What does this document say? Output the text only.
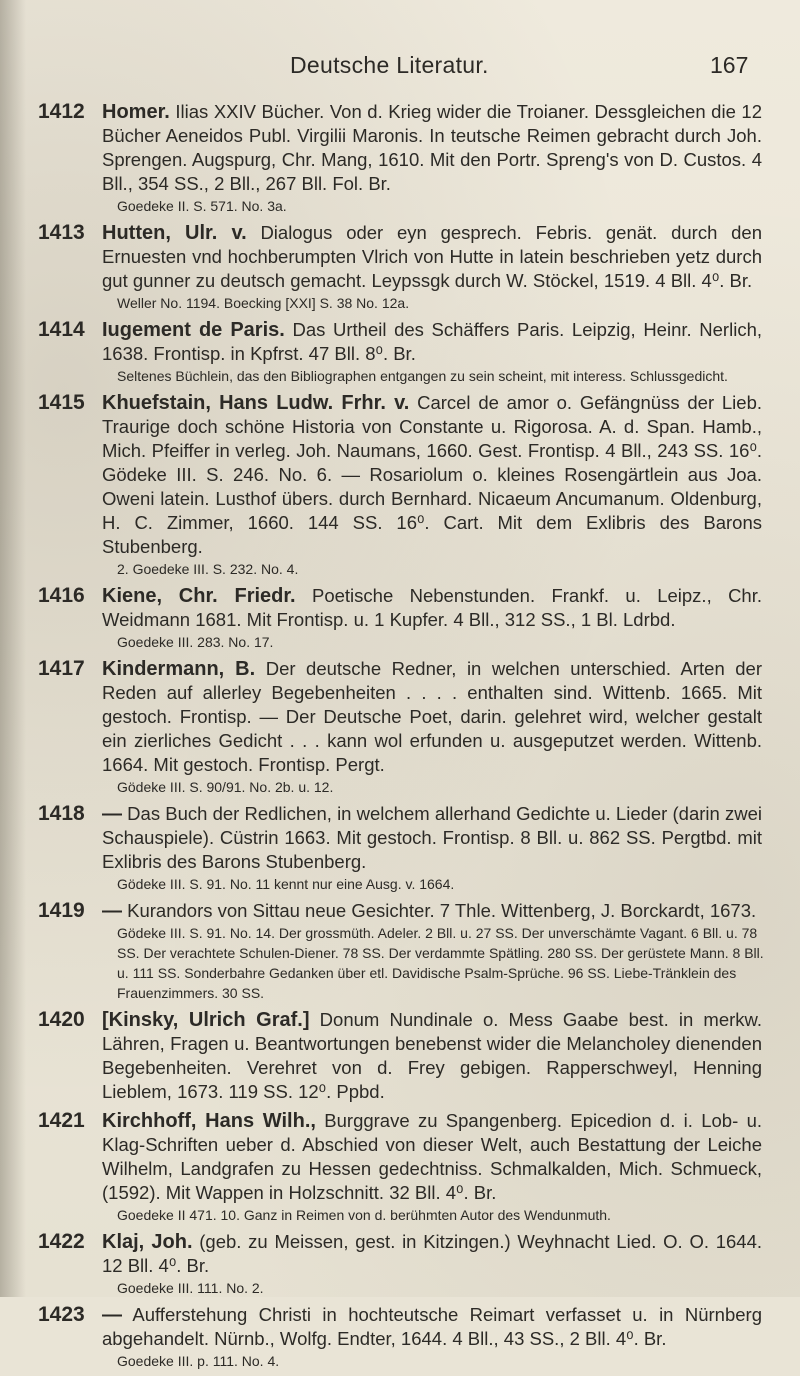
Deutsche Literatur.	167
1412 Homer. Ilias XXIV Bücher. Von d. Krieg wider die Troianer. Dessgleichen die 12 Bücher Aeneidos Publ. Virgilii Maronis. In teutsche Reimen gebracht durch Joh. Sprengen. Augspurg, Chr. Mang, 1610. Mit den Portr. Spreng's von D. Custos. 4 Bll., 354 SS., 2 Bll., 267 Bll. Fol. Br.
Goedeke II. S. 571. No. 3a.
1413 Hutten, Ulr. v. Dialogus oder eyn gesprech. Febris. genät. durch den Ernuesten vnd hochberumpten Vlrich von Hutte in latein beschrieben yetz durch gut gunner zu deutsch gemacht. Leypssgk durch W. Stöckel, 1519. 4 Bll. 4⁰. Br.
Weller No. 1194. Boecking [XXI] S. 38 No. 12a.
1414 Iugement de Paris. Das Urtheil des Schäffers Paris. Leipzig, Heinr. Nerlich, 1638. Frontisp. in Kpfrst. 47 Bll. 8⁰. Br.
Seltenes Büchlein, das den Bibliographen entgangen zu sein scheint, mit interess. Schlussgedicht.
1415 Khuefstain, Hans Ludw. Frhr. v. Carcel de amor o. Gefängnüss der Lieb. Traurige doch schöne Historia von Constante u. Rigorosa. A. d. Span. Hamb., Mich. Pfeiffer in verleg. Joh. Naumans, 1660. Gest. Frontisp. 4 Bll., 243 SS. 16⁰. Gödeke III. S. 246. No. 6. — Rosariolum o. kleines Rosengärtlein aus Joa. Oweni latein. Lusthof übers. durch Bernhard. Nicaeum Ancumanum. Oldenburg, H. C. Zimmer, 1660. 144 SS. 16⁰. Cart. Mit dem Exlibris des Barons Stubenberg.
2. Goedeke III. S. 232. No. 4.
1416 Kiene, Chr. Friedr. Poetische Nebenstunden. Frankf. u. Leipz., Chr. Weidmann 1681. Mit Frontisp. u. 1 Kupfer. 4 Bll., 312 SS., 1 Bl. Ldrbd.
Goedeke III. 283. No. 17.
1417 Kindermann, B. Der deutsche Redner, in welchen unterschied. Arten der Reden auf allerley Begebenheiten . . . . enthalten sind. Wittenb. 1665. Mit gestoch. Frontisp. — Der Deutsche Poet, darin. gelehret wird, welcher gestalt ein zierliches Gedicht . . . kann wol erfunden u. ausgeputzet werden. Wittenb. 1664. Mit gestoch. Frontisp. Pergt.
Gödeke III. S. 90/91. No. 2b. u. 12.
1418 — Das Buch der Redlichen, in welchem allerhand Gedichte u. Lieder (darin zwei Schauspiele). Cüstrin 1663. Mit gestoch. Frontisp. 8 Bll. u. 862 SS. Pergtbd. mit Exlibris des Barons Stubenberg.
Gödeke III. S. 91. No. 11 kennt nur eine Ausg. v. 1664.
1419 — Kurandors von Sittau neue Gesichter. 7 Thle. Wittenberg, J. Borckardt, 1673.
Gödeke III. S. 91. No. 14. Der grossmüth. Adeler. 2 Bll. u. 27 SS. Der unverschämte Vagant. 6 Bll. u. 78 SS. Der verachtete Schulen-Diener. 78 SS. Der verdammte Spätling. 280 SS. Der gerüstete Mann. 8 Bll. u. 111 SS. Sonderbahre Gedanken über etl. Davidische Psalm-Sprüche. 96 SS. Liebe-Tränklein des Frauenzimmers. 30 SS.
1420 [Kinsky, Ulrich Graf.] Donum Nundinale o. Mess Gaabe best. in merkw. Lähren, Fragen u. Beantwortungen benebenst wider die Melancholey dienenden Begebenheiten. Verehret von d. Frey gebigen. Rapperschweyl, Henning Lieblem, 1673. 119 SS. 12⁰. Ppbd.
1421 Kirchhoff, Hans Wilh., Burggrave zu Spangenberg. Epicedion d. i. Lob- u. Klag-Schriften ueber d. Abschied von dieser Welt, auch Bestattung der Leiche Wilhelm, Landgrafen zu Hessen gedechtniss. Schmalkalden, Mich. Schmueck, (1592). Mit Wappen in Holzschnitt. 32 Bll. 4⁰. Br.
Goedeke II 471. 10. Ganz in Reimen von d. berühmten Autor des Wendunmuth.
1422 Klaj, Joh. (geb. zu Meissen, gest. in Kitzingen.) Weyhnacht Lied. O. O. 1644. 12 Bll. 4⁰. Br.
Goedeke III. 111. No. 2.
1423 — Aufferstehung Christi in hochteutsche Reimart verfasset u. in Nürnberg abgehandelt. Nürnb., Wolfg. Endter, 1644. 4 Bll., 43 SS., 2 Bll. 4⁰. Br.
Goedeke III. p. 111. No. 4.
